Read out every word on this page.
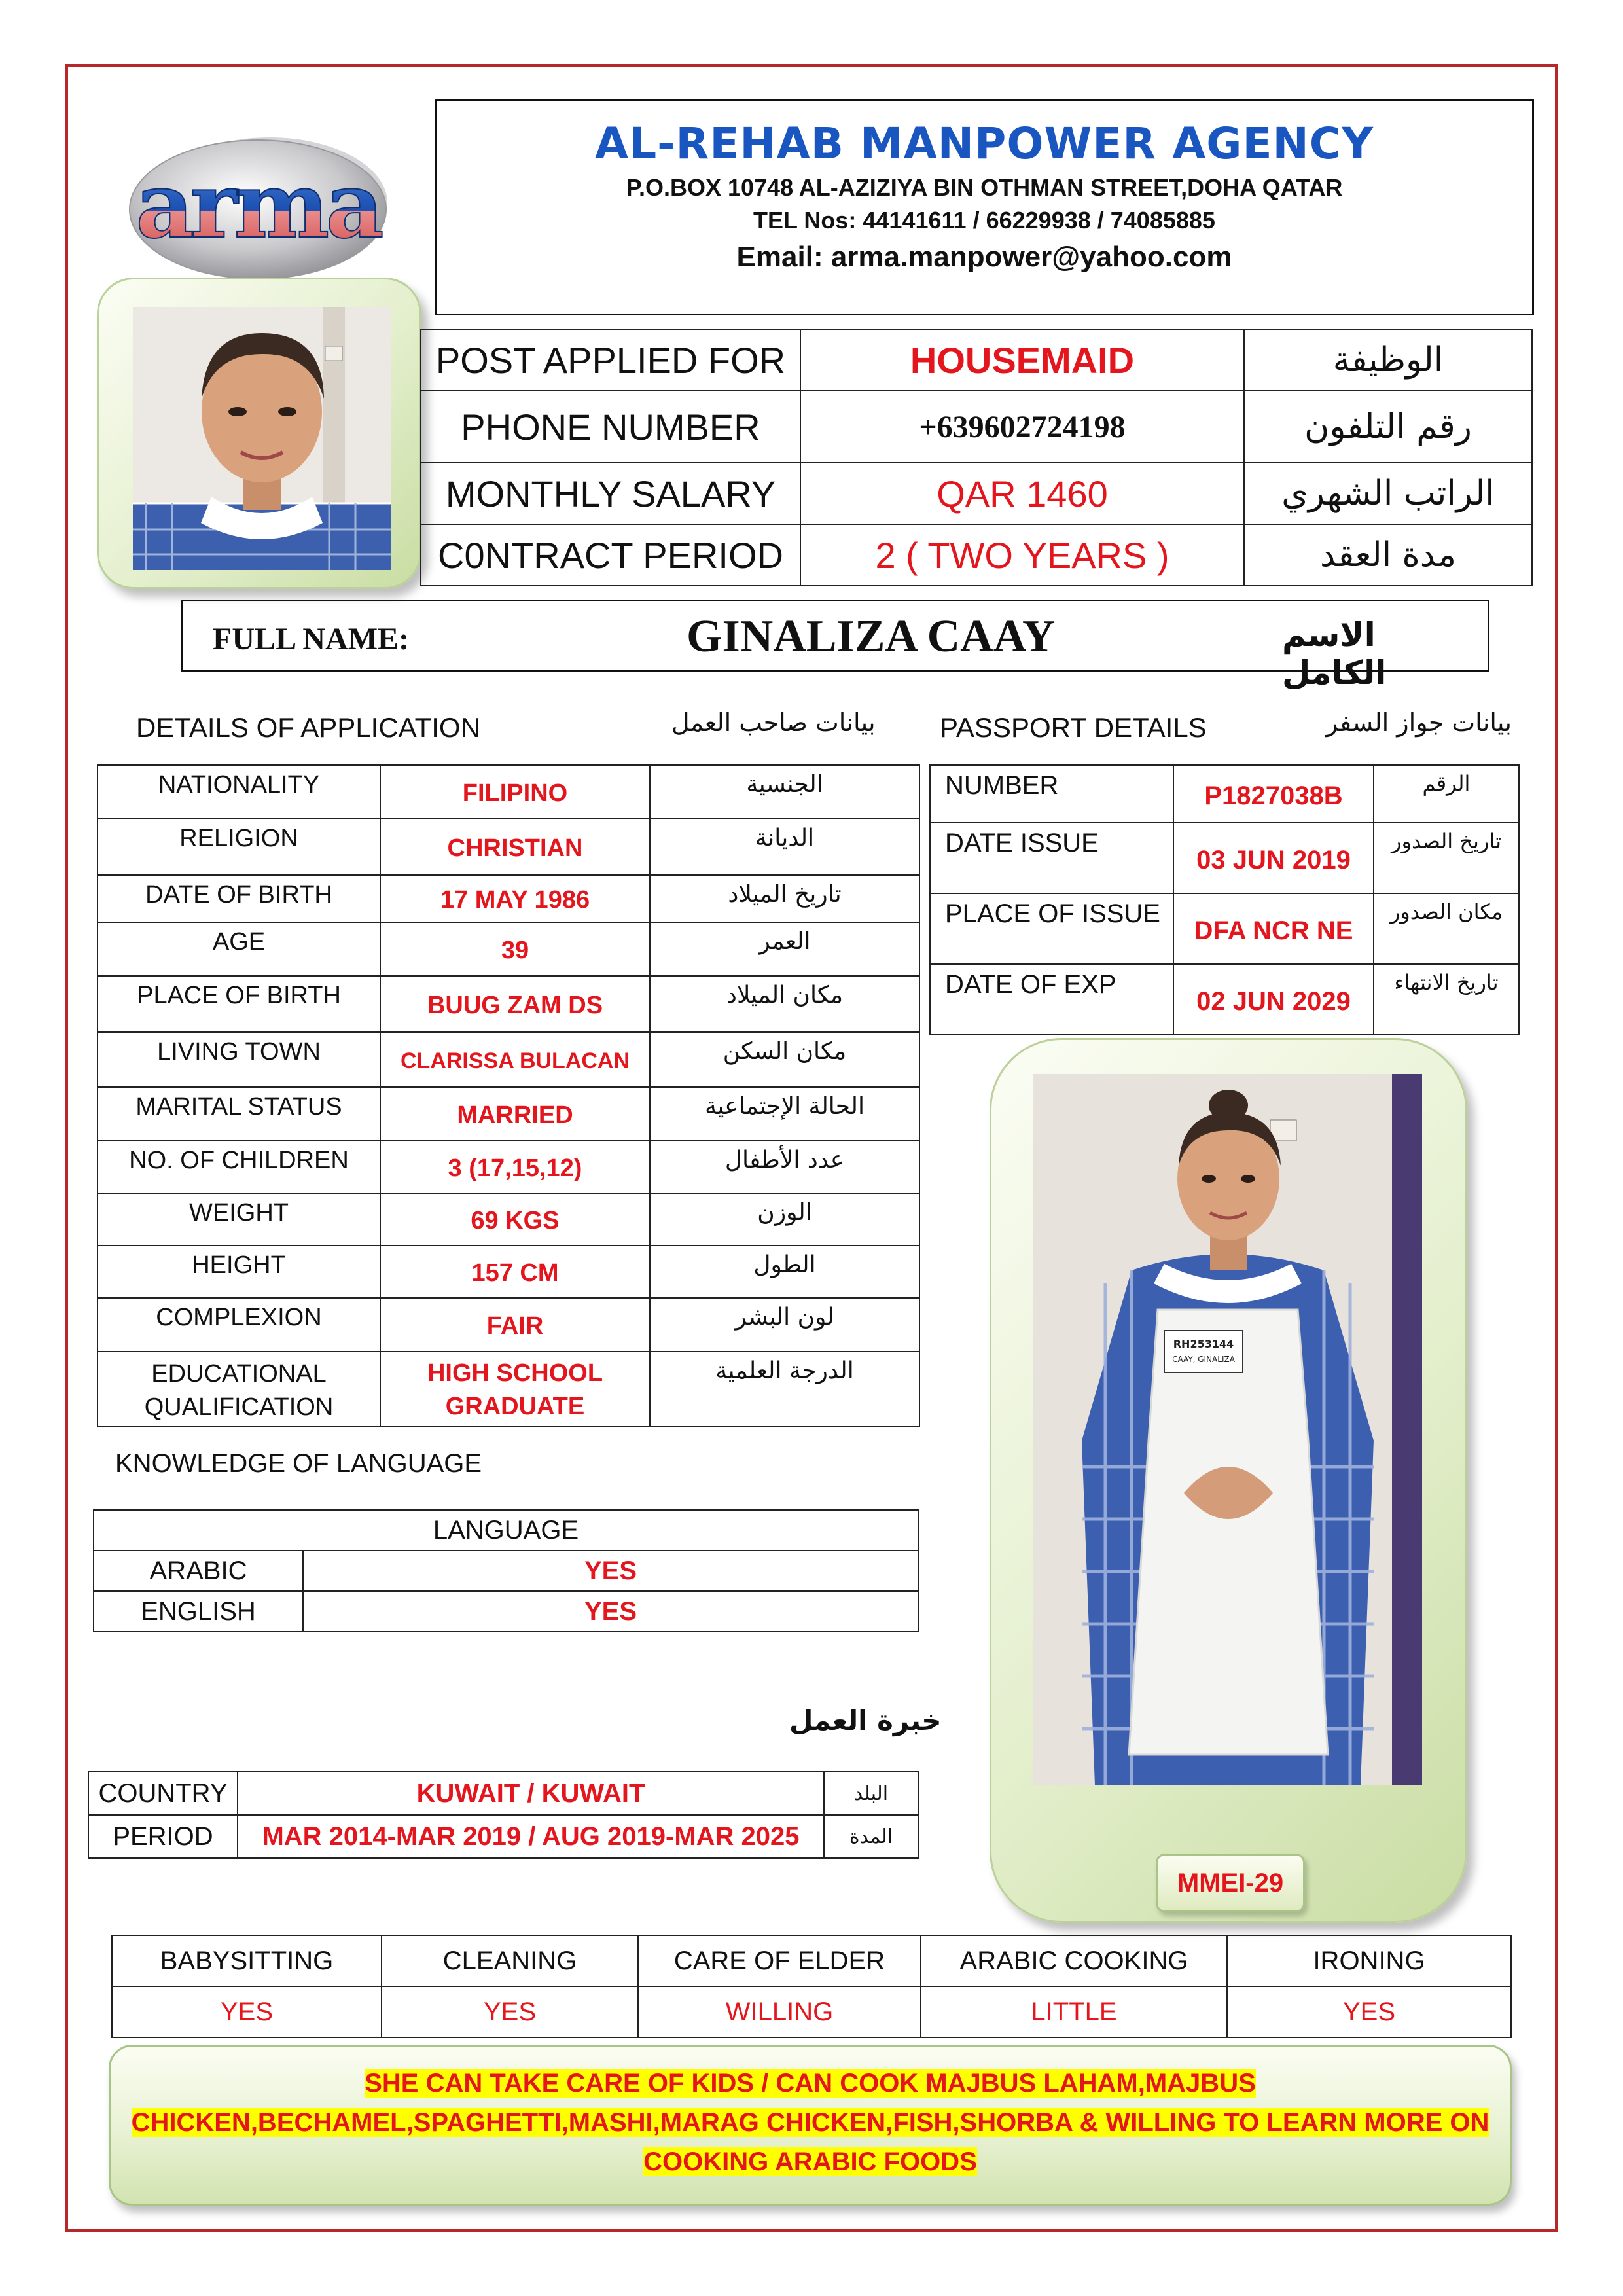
arma
AL-REHAB MANPOWER AGENCY
P.O.BOX 10748 AL-AZIZIYA BIN OTHMAN STREET,DOHA QATAR
TEL Nos: 44141611 / 66229938 / 74085885
Email: arma.manpower@yahoo.com
POST APPLIED FOR	HOUSEMAID	الوظيفة
PHONE NUMBER	+639602724198	رقم التلفون
MONTHLY SALARY	QAR 1460	الراتب الشهري
C0NTRACT PERIOD	2 ( TWO YEARS )	مدة العقد
FULL NAME:	GINALIZA CAAY	الاسم الكامل
DETAILS OF APPLICATION	بيانات صاحب العمل PASSPORT DETAILS	بيانات جواز السفر
NATIONALITY	FILIPINO	الجنسية
RELIGION	CHRISTIAN	الديانة
DATE OF BIRTH	17 MAY 1986	تاريخ الميلاد
AGE	39	العمر
PLACE OF BIRTH	BUUG ZAM DS	مكان الميلاد
LIVING TOWN	CLARISSA BULACAN	مكان السكن
MARITAL STATUS	MARRIED	الحالة الإجتماعية
NO. OF CHILDREN	3 (17,15,12)	عدد الأطفال
WEIGHT	69 KGS	الوزن
HEIGHT	157 CM	الطول
COMPLEXION	FAIR	لون البشر
EDUCATIONAL QUALIFICATION	HIGH SCHOOL GRADUATE	الدرجة العلمية
NUMBER	P1827038B	الرقم
DATE ISSUE	03 JUN 2019	تاريخ الصدور
PLACE OF ISSUE	DFA NCR NE	مكان الصدور
DATE OF EXP	02 JUN 2029	تاريخ الانتهاء
RH253144
CAAY, GINALIZA
MMEI-29
KNOWLEDGE OF LANGUAGE
LANGUAGE	
ARABIC	YES
ENGLISH	YES
خبرة العمل
COUNTRY	KUWAIT / KUWAIT	البلد
PERIOD	MAR 2014-MAR 2019 / AUG 2019-MAR 2025	المدة
BABYSITTING	CLEANING	CARE OF ELDER	ARABIC COOKING	IRONING
YES	YES	WILLING	LITTLE	YES
SHE CAN TAKE CARE OF KIDS / CAN COOK MAJBUS LAHAM,MAJBUS
CHICKEN,BECHAMEL,SPAGHETTI,MASHI,MARAG CHICKEN,FISH,SHORBA & WILLING TO LEARN MORE ON
COOKING ARABIC FOODS
